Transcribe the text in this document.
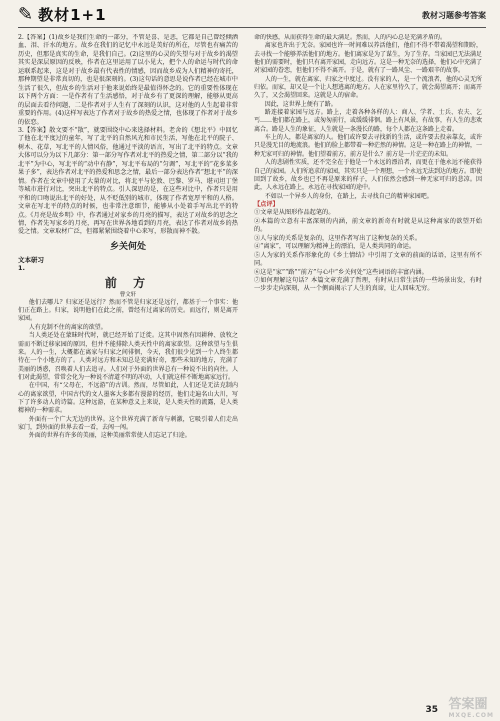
✎ 教材1+1	教材习题参考答案

2.【答案】(1)故乡是我们生命的一部分，不管是喜、是悲，它都是自己曾经倾洒血、泪、汗水的地方。故乡在我们的记忆中永远是美好的所在，尽管也有痛苦的历史，但那是真实的生命，是我们自己。(2)这里的心灵的失望与对于故乡的渴望其实是深层原因的反映，作者在这里运用了以小见大，把个人的命运与时代的命运联系起来，这是对于故乡最有代表性的情感，因而故乡成为人们精神的寄托，那种期望是非常真切的，也是很深刻的。(3)这句话的意思是说作者已经在城市中生活了很久，但故乡的生活对于他来说始终是最值得怀念的。它的重要性体现在以下两个方面：一是作者有了生活感悟，对于故乡有了更深的理解，能够从更高的层面去看待问题，二是作者对于人生有了深刻的认识，这对他的人生起着非常重要的作用。(4)这样写表达了作者对于故乡的热爱之情，也体现了作者对于故乡的依恋。

3.【答案】散文要不“散”，就要围绕中心来选择材料。老舍的《想北平》中回忆了他在北平度过的童年，写了北平的自然风光和市民生活，写他在北平的院子、树木、花草，写北平的人情风俗，他通过平淡的语言，写出了北平的特点。文章大体可以分为以下几部分：第一部分写作者对北平的热爱之情，第二部分以“我的北平”为中心，写北平的“动中有静”，写北平布局的“匀调”，写北平的“花多菜多果子多”，表达作者对北平的热爱和思念之情，最后一部分表达作者“想北平”的深情。作者在文章中使用了大量的对比，将北平与伦敦、巴黎、罗马、堪司坦丁堡等城市进行对比，突出北平的特点。引人深思的是，在这些对比中，作者只是用平和的口吻说出北平的好处，从不贬低别的城市，体现了作者宽厚平和的人格。文章在写北平的特点的时候，也非常注意细节，能够从小处着手写出北平的特点。《月亮是故乡明》中，作者通过对家乡的月亮的描写，表达了对故乡的思念之情，作者先写家乡的月亮，再写在世界各地看到的月亮，表达了作者对故乡的热爱之情。文章取材广泛，但都紧紧围绕着中心来写，形散而神不散。

乡关何处
文本研习
1.
前 方
曹文轩

他们去哪儿？归家还是远行？然而不管是归家还是远行，都基于一个事实：他们正在路上。归家，说明他们在此之前，曾经有过离家的历史。而远行，则是离开家园。

人有克制不住的离家的欲望。

当人类还处在蒙昧时代时，就已经开始了迁徙。这其中固然有因耕种、放牧之需而不断迁移家园的原因，但并不能排除人类天性中的离家欲望。这种欲望与生俱来。人的一生，大概都在离家与归家之间徘徊，今天，我们很少见到一个人终生都待在一个小地方的了。人类对远方和未知总是充满好奇，那些未知的地方，充满了美丽的诱惑，召唤着人们去追寻。人们对于外面的世界总有一种说不出的向往。人们对此渴望，常常会化为一种说不清道不明的冲动，人们就这样不断地离家远行。

在中国，有“父母在，不远游”的古训。然而，尽管如此，人们还是无法克制内心的离家欲望，中国古代的文人墨客大多都有漫游的经历，他们走遍名山大川，写下了许多动人的诗篇。这种远游，在某种意义上来说，是人类天性的流露，是人类精神的一种需求。

外面有一个广大无边的世界。这个世界充满了新奇与刺激，它吸引着人们走出家门，到外面的世界去看一看，去闯一闯。

外面的世界有许多的美丽，这种美丽常常使人们忘记了归途。

命的快感，从而获得生命的最大满足。然而，人的内心总是充满矛盾的。

离家也许出于无奈。家园也许一时间难以养活他们，他们不得不带着渴望和期盼，去寻找一个能够养活他们的地方。他们离家是为了谋生，为了生存。当家园已无法满足他们的需要时，他们只有离开家园，走向远方。这是一种无奈的选择，他们心中充满了对家园的眷恋，但他们不得不离开。于是，就有了一路风尘、一路艰辛的故事。

人的一生，就在离家、归家之中度过。没有家的人，是一个流浪者，他的心灵无所归依。而家，却又是一个让人想逃离的地方。人在家里待久了，就会渴望离开；而离开久了，又会渴望回来。这就是人的宿命。

因此，这世界上便有了路。

路连接着家园与远方。路上，走着各种各样的人：商人、学者、士兵、农夫、乞丐……他们都在路上，或匆匆前行，或缓缓徘徊。路上有风景，有故事，有人生的悲欢离合。路是人生的象征，人生就是一条漫长的路，每个人都在这条路上走着。

车上的人，都是离家的人。他们或许要去寻找新的生活，或许要去投亲靠友，或许只是漫无目的地流浪。他们的脸上都带着一种茫然的神情。这是一种在路上的神情，一种无家可归的神情。他们望着前方，前方是什么？前方是一片茫茫的未知。

人的悲剧性实质，还不完全在于他是一个永远的漂泊者，而更在于他永远不能获得自己的家园。人们所追求的家园，其实只是一个理想，一个永远无法到达的地方。即使回到了故乡，故乡也已不再是原来的样子，人们依然会感到一种无家可归的悲凉。因此，人永远在路上，永远在寻找家园的途中。

不如以一个异乡人的身份，在路上，去寻找自己的精神家园吧。

【点评】

①文章是从图形作品起笔的。

②本篇的立意有丰富深刻的内涵，前文章的新奇有时就是从这种离家的欲望开始的。

③人与家的关系是复杂的，这里作者写出了这种复杂的关系。

④“离家”，可以理解为精神上的漂泊，是人类共同的命运。

⑤人为家的关系作形象化的《乡土情结》中引用了文章的前面的话语，这里有所不同。

⑥这是“家”“路”“前方”与心中“乡关何处”这些词语的丰富内涵。

⑦如何理解这句话？本篇文章充满了哲理，有时从日常生活的一些场景出发，有时一步步走向深刻，从一个侧面揭示了人生的真谛，让人回味无穷。

35 答案圈
MXQE.COM
